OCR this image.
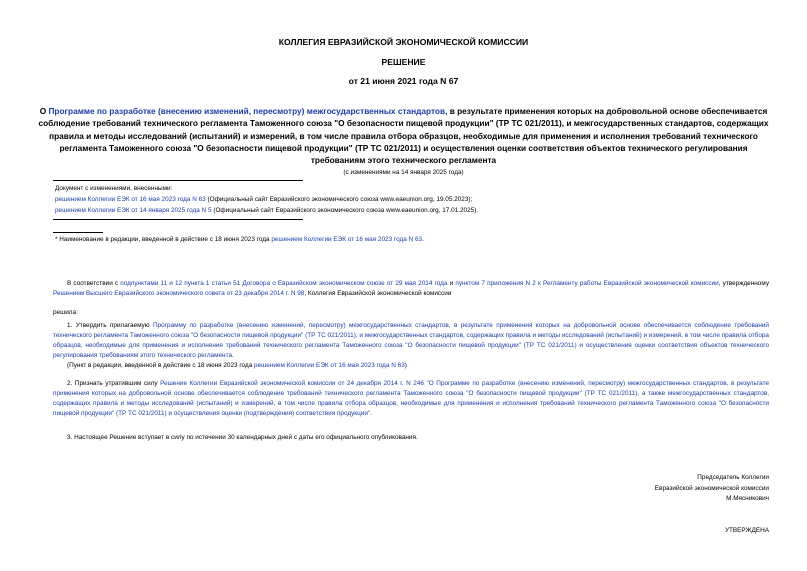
КОЛЛЕГИЯ ЕВРАЗИЙСКОЙ ЭКОНОМИЧЕСКОЙ КОМИССИИ
РЕШЕНИЕ
от 21 июня 2021 года N 67
О Программе по разработке (внесению изменений, пересмотру) межгосударственных стандартов, в результате применения которых на добровольной основе обеспечивается соблюдение требований технического регламента Таможенного союза "О безопасности пищевой продукции" (ТР ТС 021/2011), и межгосударственных стандартов, содержащих правила и методы исследований (испытаний) и измерений, в том числе правила отбора образцов, необходимые для применения и исполнения требований технического регламента Таможенного союза "О безопасности пищевой продукции" (ТР ТС 021/2011) и осуществления оценки соответствия объектов технического регулирования требованиям этого технического регламента
(с изменениями на 14 января 2025 года)
Документ с изменениями, внесенными:
решением Коллегии ЕЭК от 16 мая 2023 года N 63 (Официальный сайт Евразийского экономического союза www.eaeunion.org, 19.05.2023);
решением Коллегии ЕЭК от 14 января 2025 года N 5 (Официальный сайт Евразийского экономического союза www.eaeunion.org, 17.01.2025).
* Наименование в редакции, введенной в действие с 18 июня 2023 года решением Коллегии ЕЭК от 16 мая 2023 года N 63.
В соответствии с подпунктами 11 и 12 пункта 1 статьи 51 Договора о Евразийском экономическом союзе от 29 мая 2014 года и пунктом 7 приложения N 2 к Регламенту работы Евразийской экономической комиссии, утвержденному Решением Высшего Евразийского экономического совета от 23 декабря 2014 г. N 98, Коллегия Евразийской экономической комиссии
решила:
1. Утвердить прилагаемую Программу по разработке (внесению изменений, пересмотру) межгосударственных стандартов, в результате применения которых на добровольной основе обеспечивается соблюдение требований технического регламента Таможенного союза "О безопасности пищевой продукции" (ТР ТС 021/2011), и межгосударственных стандартов, содержащих правила и методы исследований (испытаний) и измерений, в том числе правила отбора образцов, необходимые для применения и исполнения требований технического регламента Таможенного союза "О безопасности пищевой продукции" (ТР ТС 021/2011) и осуществления оценки соответствия объектов технического регулирования требованиям этого технического регламента.
(Пункт в редакции, введенной в действие с 18 июня 2023 года решением Коллегии ЕЭК от 16 мая 2023 года N 63)
2. Признать утратившим силу Решение Коллегии Евразийской экономической комиссии от 24 декабря 2014 г. N 246 "О Программе по разработке (внесению изменений, пересмотру) межгосударственных стандартов, в результате применения которых на добровольной основе обеспечивается соблюдение требований технического регламента Таможенного союза "О безопасности пищевой продукции" (ТР ТС 021/2011), а также межгосударственных стандартов, содержащих правила и методы исследований (испытаний) и измерений, в том числе правила отбора образцов, необходимые для применения и исполнения требований технического регламента Таможенного союза "О безопасности пищевой продукции" (ТР ТС 021/2011) и осуществления оценки (подтверждения) соответствия продукции".
3. Настоящее Решение вступает в силу по истечении 30 календарных дней с даты его официального опубликования.
Председатель Коллегии
Евразийской экономической комиссии
М.Мясникович
УТВЕРЖДЕНА
